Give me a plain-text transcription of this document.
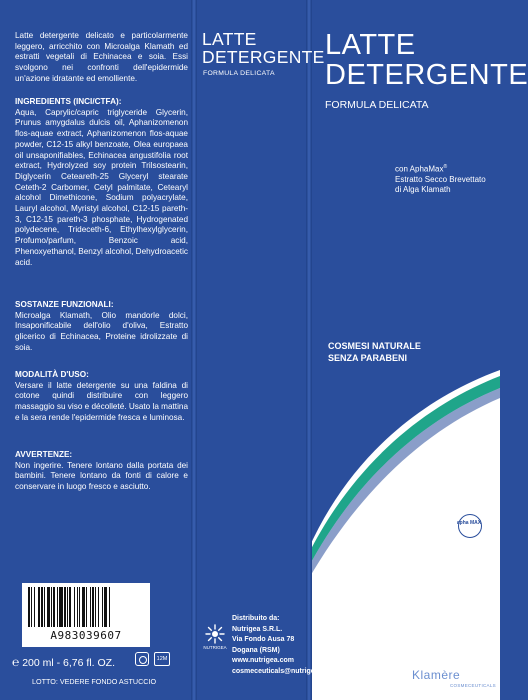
Latte detergente delicato e particolarmente leggero, arricchito con Microalga Klamath ed estratti vegetali di Echinacea e soia. Essi svolgono nei confronti dell'epidermide un'azione idratante ed emolliente.
INGREDIENTS (INCI/CTFA):
Aqua, Caprylic/capric triglyceride Glycerin, Prunus amygdalus dulcis oil, Aphanizomenon flos-aquae extract, Aphanizomenon flos-aquae powder, C12-15 alkyl benzoate, Olea europaea oil unsaponifiables, Echinacea angustifolia root extract, Hydrolyzed soy protein Trilsostearin, Diglycerin Ceteareth-25 Glyceryl stearate Ceteth-2 Carbomer, Cetyl palmitate, Cetearyl alcohol Dimethicone, Sodium polyacrylate, Lauryl alcohol, Myristyl alcohol, C12-15 pareth-3, C12-15 pareth-3 phosphate, Hydrogenated polydecene, Trideceth-6, Ethylhexylglycerin, Profumo/parfum, Benzoic acid, Phenoxyethanol, Benzyl alcohol, Dehydroacetic acid.
SOSTANZE FUNZIONALI:
Microalga Klamath, Olio mandorle dolci, Insaponificabile dell'olio d'oliva, Estratto glicerico di Echinacea, Proteine idrolizzate di soia.
MODALITÀ D'USO:
Versare il latte detergente su una faldina di cotone quindi distribuire con leggero massaggio su viso e décolleté. Usato la mattina e la sera rende l'epidermide fresca e luminosa.
AVVERTENZE:
Non ingerire. Tenere lontano dalla portata dei bambini. Tenere lontano da fonti di calore e conservare in luogo fresco e asciutto.
A983039607
℮ 200 ml - 6,76 fl. OZ.	12M
LOTTO: VEDERE FONDO ASTUCCIO
LATTE
DETERGENTE
FORMULA DELICATA
NUTRIGEA
Distribuito da:
Nutrigea S.R.L.
Via Fondo Ausa 78
Dogana (RSM)
www.nutrigea.com
cosmeceuticals@nutrigea.com
LATTE
DETERGENTE
FORMULA DELICATA
con AphaMax®
Estratto Secco Brevettato
di Alga Klamath
COSMESI NATURALE
SENZA PARABENI
apha MAX
Klamère
COSMECEUTICALS
